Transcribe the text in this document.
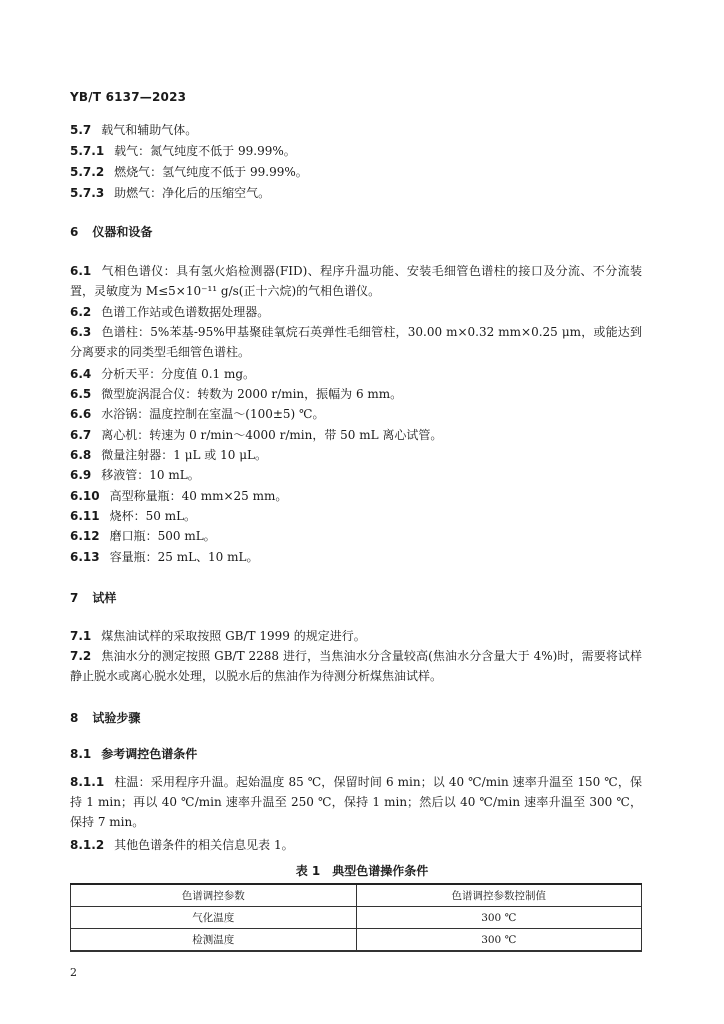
YB/T 6137—2023
5.7 载气和辅助气体。
5.7.1 载气：氮气纯度不低于 99.99%。
5.7.2 燃烧气：氢气纯度不低于 99.99%。
5.7.3 助燃气：净化后的压缩空气。
6 仪器和设备
6.1 气相色谱仪：具有氢火焰检测器(FID)、程序升温功能、安装毛细管色谱柱的接口及分流、不分流装置，灵敏度为 M≤5×10⁻¹¹ g/s(正十六烷)的气相色谱仪。
6.2 色谱工作站或色谱数据处理器。
6.3 色谱柱：5%苯基-95%甲基聚硅氧烷石英弹性毛细管柱，30.00 m×0.32 mm×0.25 μm，或能达到分离要求的同类型毛细管色谱柱。
6.4 分析天平：分度值 0.1 mg。
6.5 微型旋涡混合仪：转数为 2000 r/min，振幅为 6 mm。
6.6 水浴锅：温度控制在室温～(100±5) ℃。
6.7 离心机：转速为 0 r/min～4000 r/min，带 50 mL 离心试管。
6.8 微量注射器：1 μL 或 10 μL。
6.9 移液管：10 mL。
6.10 高型称量瓶：40 mm×25 mm。
6.11 烧杯：50 mL。
6.12 磨口瓶：500 mL。
6.13 容量瓶：25 mL、10 mL。
7 试样
7.1 煤焦油试样的采取按照 GB/T 1999 的规定进行。
7.2 焦油水分的测定按照 GB/T 2288 进行，当焦油水分含量较高(焦油水分含量大于 4%)时，需要将试样静止脱水或离心脱水处理，以脱水后的焦油作为待测分析煤焦油试样。
8 试验步骤
8.1 参考调控色谱条件
8.1.1 柱温：采用程序升温。起始温度 85 ℃，保留时间 6 min；以 40 ℃/min 速率升温至 150 ℃，保持 1 min；再以 40 ℃/min 速率升温至 250 ℃，保持 1 min；然后以 40 ℃/min 速率升温至 300 ℃，保持 7 min。
8.1.2 其他色谱条件的相关信息见表 1。
表 1　典型色谱操作条件
色谱调控参数	色谱调控参数控制值
气化温度	300 ℃
检测温度	300 ℃
2
